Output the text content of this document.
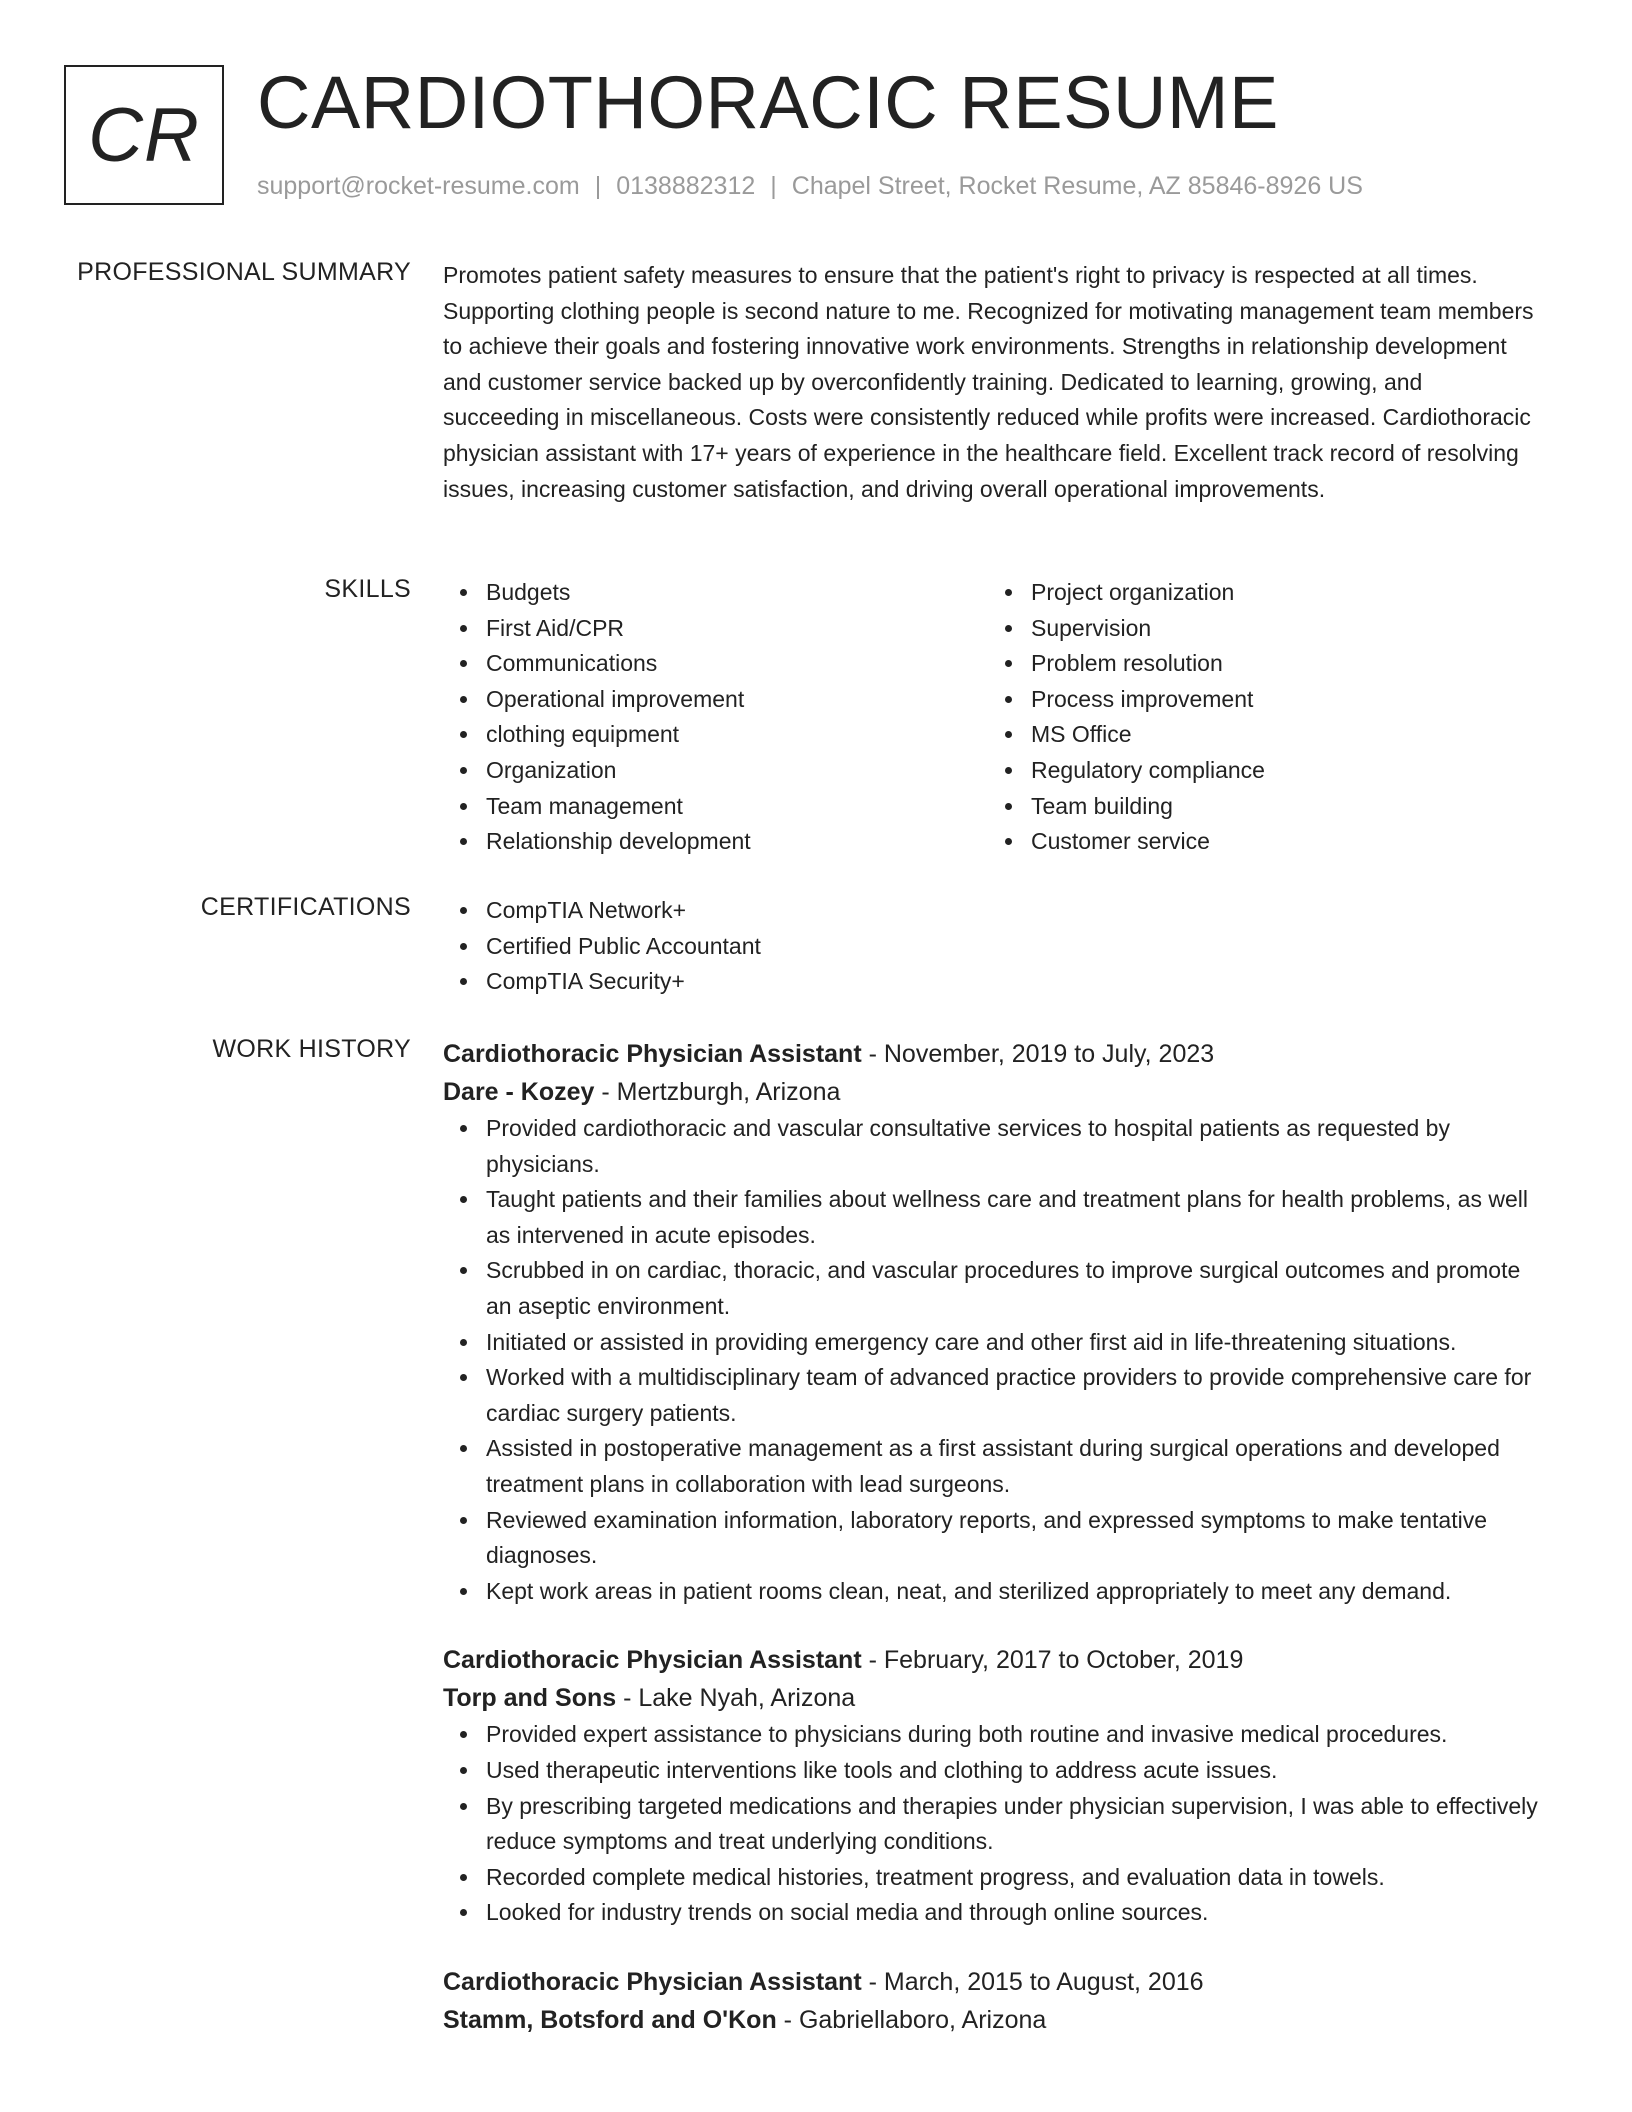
CR CARDIOTHORACIC RESUME
support@rocket-resume.com | 0138882312 | Chapel Street, Rocket Resume, AZ 85846-8926 US
PROFESSIONAL SUMMARY Promotes patient safety measures to ensure that the patient's right to privacy is respected at all times. Supporting clothing people is second nature to me. Recognized for motivating management team members to achieve their goals and fostering innovative work environments. Strengths in relationship development and customer service backed up by overconfidently training. Dedicated to learning, growing, and succeeding in miscellaneous. Costs were consistently reduced while profits were increased. Cardiothoracic physician assistant with 17+ years of experience in the healthcare field. Excellent track record of resolving issues, increasing customer satisfaction, and driving overall operational improvements.

SKILLS	Budgets
First Aid/CPR
Communications
Operational improvement
clothing equipment
Organization
Team management
Relationship development
Project organization
Supervision
Problem resolution
Process improvement
MS Office
Regulatory compliance
Team building
Customer service
CERTIFICATIONS	CompTIA Network+
Certified Public Accountant
CompTIA Security+
WORK HISTORY Cardiothoracic Physician Assistant - November, 2019 to July, 2023
Dare - Kozey - Mertzburgh, Arizona
Provided cardiothoracic and vascular consultative services to hospital patients as requested by physicians.
Taught patients and their families about wellness care and treatment plans for health problems, as well as intervened in acute episodes.
Scrubbed in on cardiac, thoracic, and vascular procedures to improve surgical outcomes and promote an aseptic environment.
Initiated or assisted in providing emergency care and other first aid in life-threatening situations.
Worked with a multidisciplinary team of advanced practice providers to provide comprehensive care for cardiac surgery patients.
Assisted in postoperative management as a first assistant during surgical operations and developed treatment plans in collaboration with lead surgeons.
Reviewed examination information, laboratory reports, and expressed symptoms to make tentative diagnoses.
Kept work areas in patient rooms clean, neat, and sterilized appropriately to meet any demand.
Cardiothoracic Physician Assistant - February, 2017 to October, 2019
Torp and Sons - Lake Nyah, Arizona
Provided expert assistance to physicians during both routine and invasive medical procedures.
Used therapeutic interventions like tools and clothing to address acute issues.
By prescribing targeted medications and therapies under physician supervision, I was able to effectively reduce symptoms and treat underlying conditions.
Recorded complete medical histories, treatment progress, and evaluation data in towels.
Looked for industry trends on social media and through online sources.
Cardiothoracic Physician Assistant - March, 2015 to August, 2016
Stamm, Botsford and O'Kon - Gabriellaboro, Arizona
